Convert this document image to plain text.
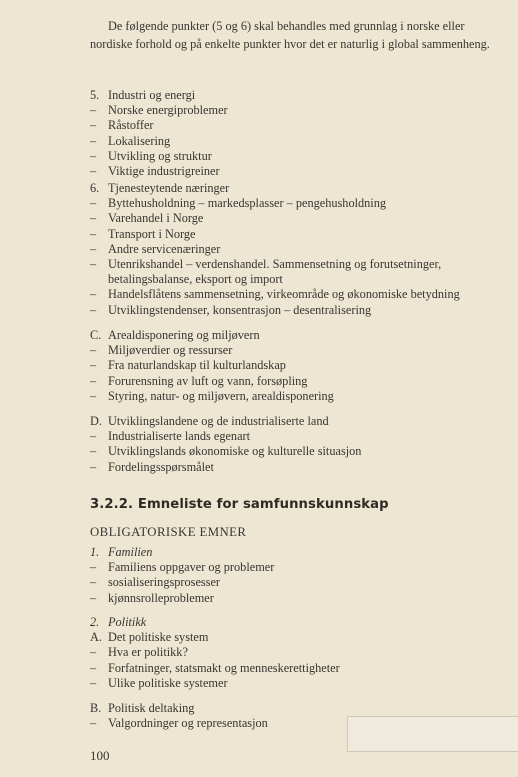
De følgende punkter (5 og 6) skal behandles med grunnlag i norske eller nordiske forhold og på enkelte punkter hvor det er naturlig i global sammenheng.

5. Industri og energi
– Norske energiproblemer
– Råstoffer
– Lokalisering
– Utvikling og struktur
– Viktige industrigreiner
6. Tjenesteytende næringer
– Byttehusholdning – markedsplasser – pengehusholdning
– Varehandel i Norge
– Transport i Norge
– Andre servicenæringer
– Utenrikshandel – verdenshandel. Sammensetning og forutsetninger, betalingsbalanse, eksport og import
– Handelsflåtens sammensetning, virkeområde og økonomiske betydning
– Utviklingstendenser, konsentrasjon – desentralisering
C. Arealdisponering og miljøvern
– Miljøverdier og ressurser
– Fra naturlandskap til kulturlandskap
– Forurensning av luft og vann, forsøpling
– Styring, natur- og miljøvern, arealdisponering
D. Utviklingslandene og de industrialiserte land
– Industrialiserte lands egenart
– Utviklingslands økonomiske og kulturelle situasjon
– Fordelingsspørsmålet
3.2.2. Emneliste for samfunnskunnskap

OBLIGATORISKE EMNER

1. Familien
– Familiens oppgaver og problemer
– sosialiseringsprosesser
– kjønnsrolleproblemer
2. Politikk
A. Det politiske system
– Hva er politikk?
– Forfatninger, statsmakt og menneskerettigheter
– Ulike politiske systemer
B. Politisk deltaking
– Valgordninger og representasjon
100
